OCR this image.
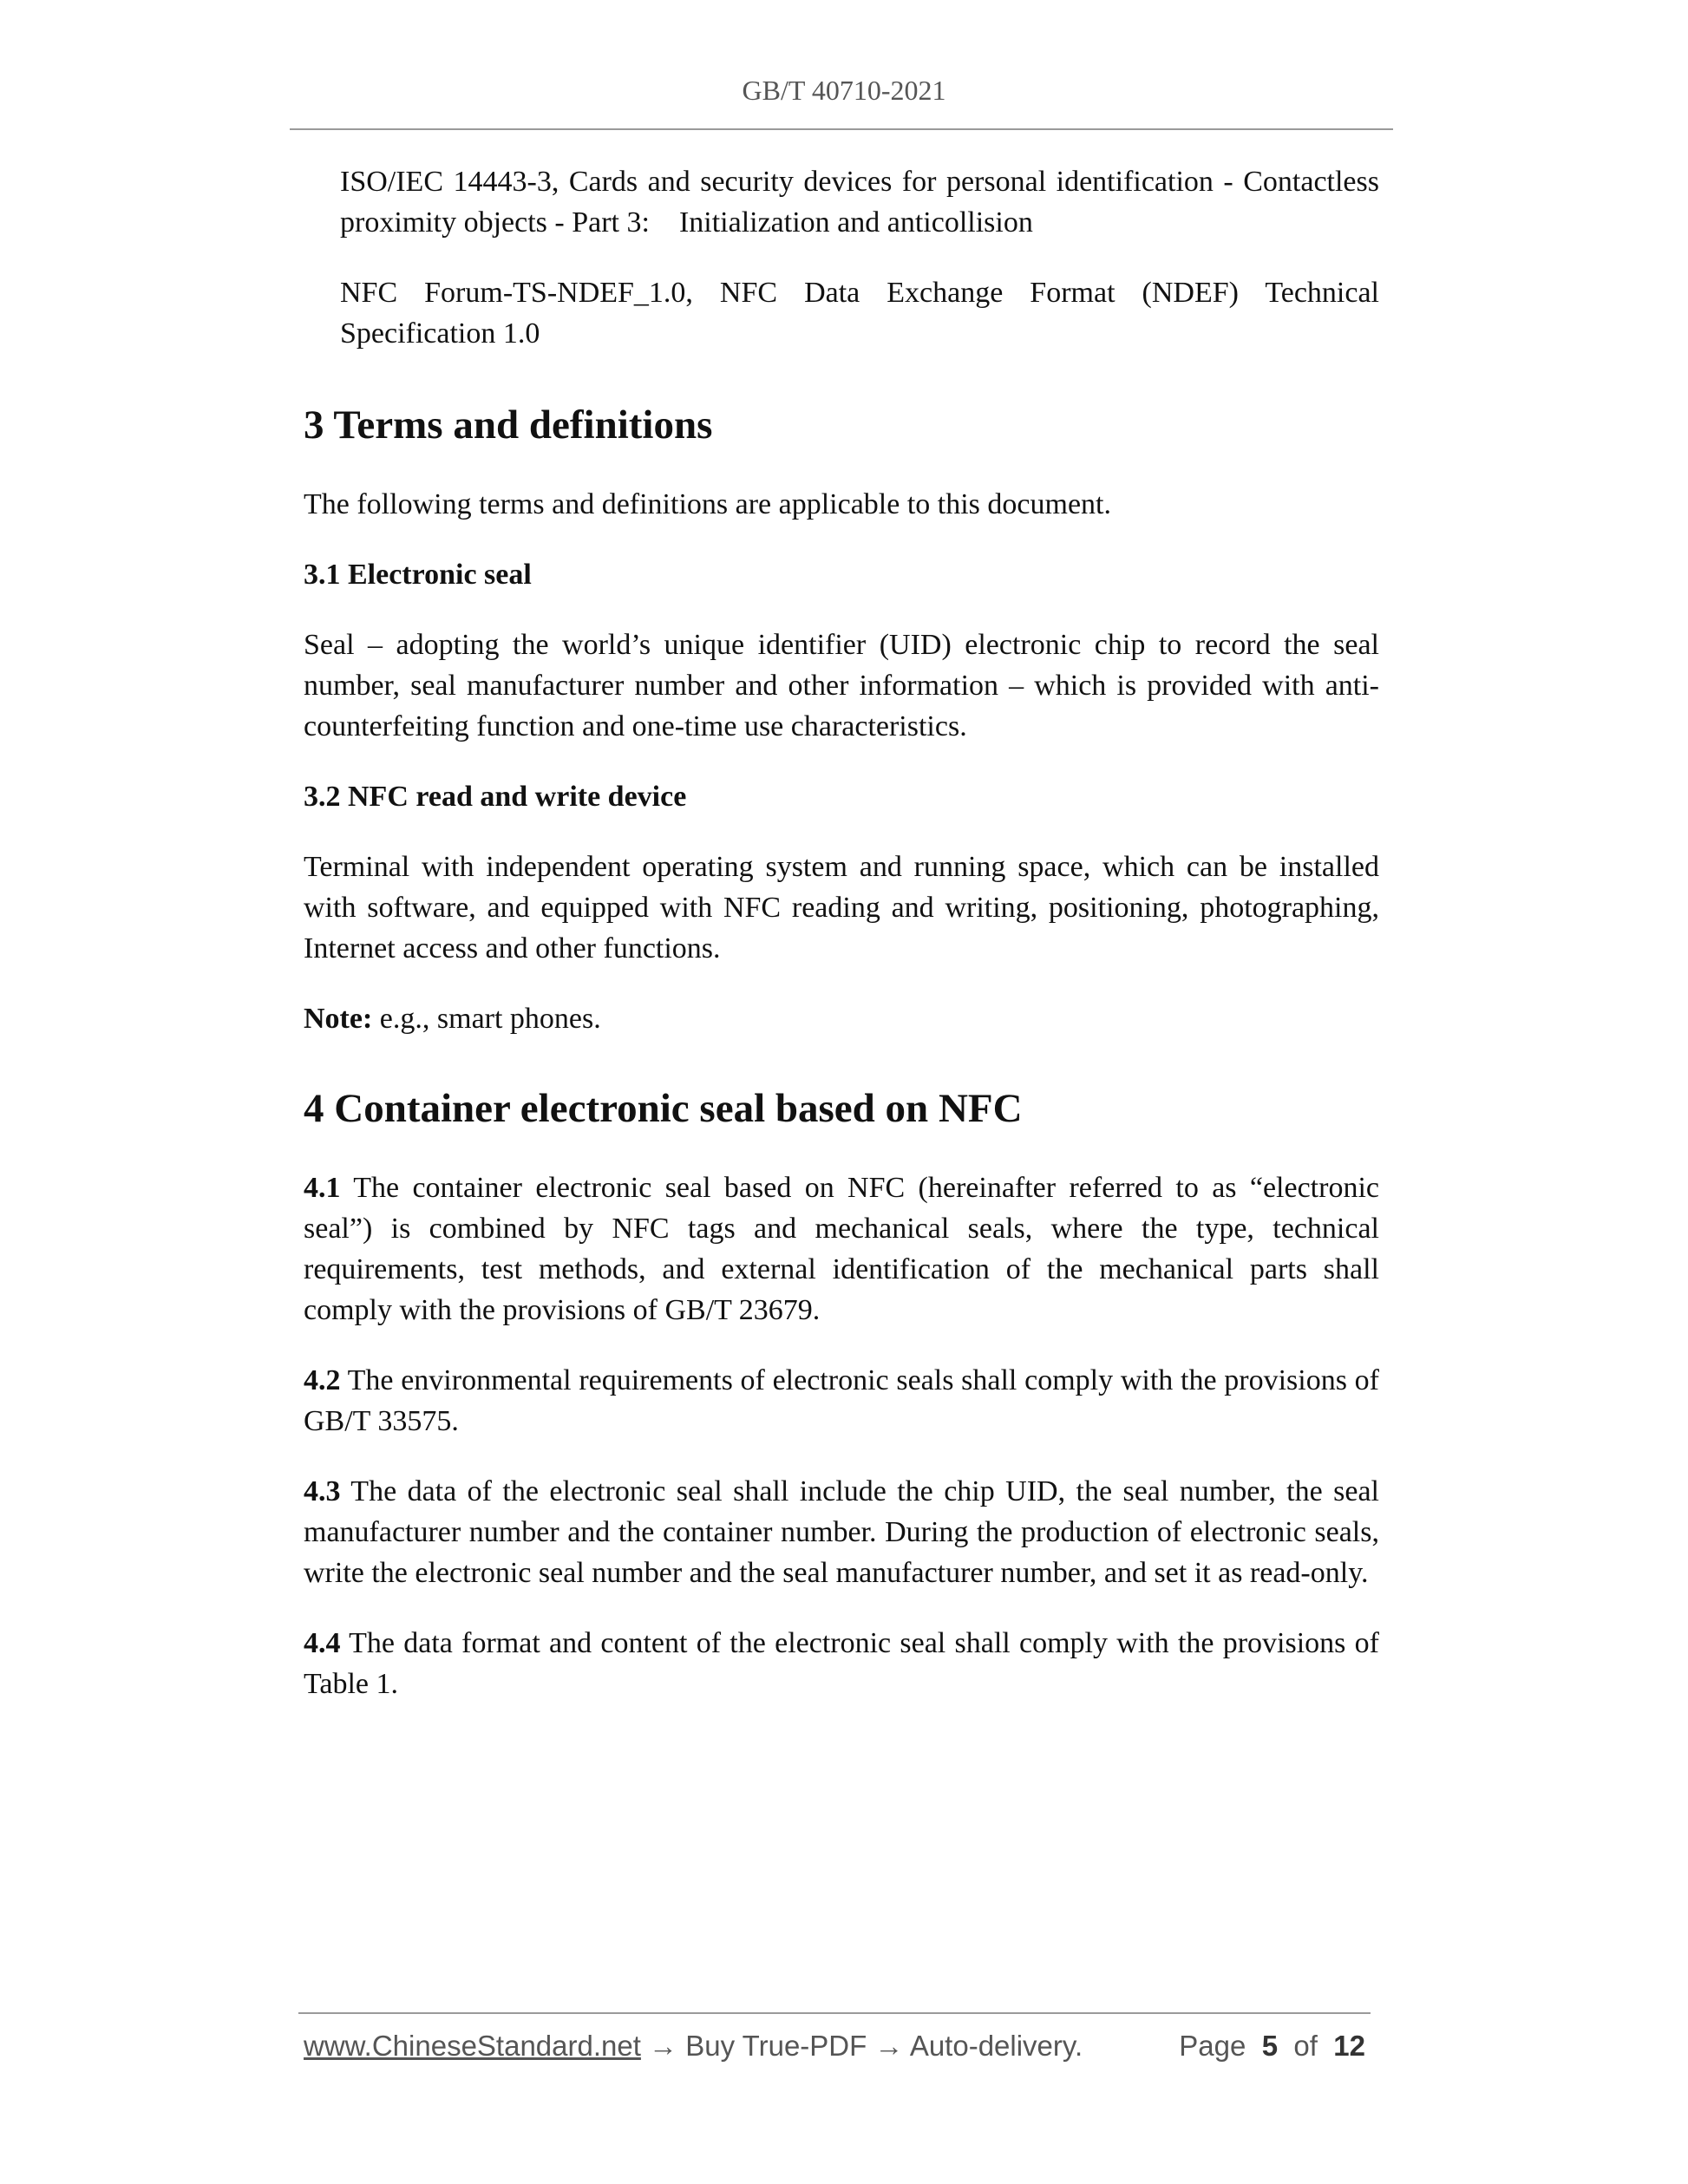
GB/T 40710-2021

ISO/IEC 14443-3, Cards and security devices for personal identification - Contactless proximity objects - Part 3:    Initialization and anticollision

NFC Forum-TS-NDEF_1.0, NFC Data Exchange Format (NDEF) Technical Specification 1.0

3 Terms and definitions

The following terms and definitions are applicable to this document.

3.1 Electronic seal

Seal – adopting the world’s unique identifier (UID) electronic chip to record the seal number, seal manufacturer number and other information – which is provided with anti-counterfeiting function and one-time use characteristics.

3.2 NFC read and write device

Terminal with independent operating system and running space, which can be installed with software, and equipped with NFC reading and writing, positioning, photographing, Internet access and other functions.

Note: e.g., smart phones.

4 Container electronic seal based on NFC

4.1 The container electronic seal based on NFC (hereinafter referred to as “electronic seal”) is combined by NFC tags and mechanical seals, where the type, technical requirements, test methods, and external identification of the mechanical parts shall comply with the provisions of GB/T 23679.

4.2 The environmental requirements of electronic seals shall comply with the provisions of GB/T 33575.

4.3 The data of the electronic seal shall include the chip UID, the seal number, the seal manufacturer number and the container number. During the production of electronic seals, write the electronic seal number and the seal manufacturer number, and set it as read-only.

4.4 The data format and content of the electronic seal shall comply with the provisions of Table 1.

www.ChineseStandard.net → Buy True-PDF → Auto-delivery.	Page 5 of 12
